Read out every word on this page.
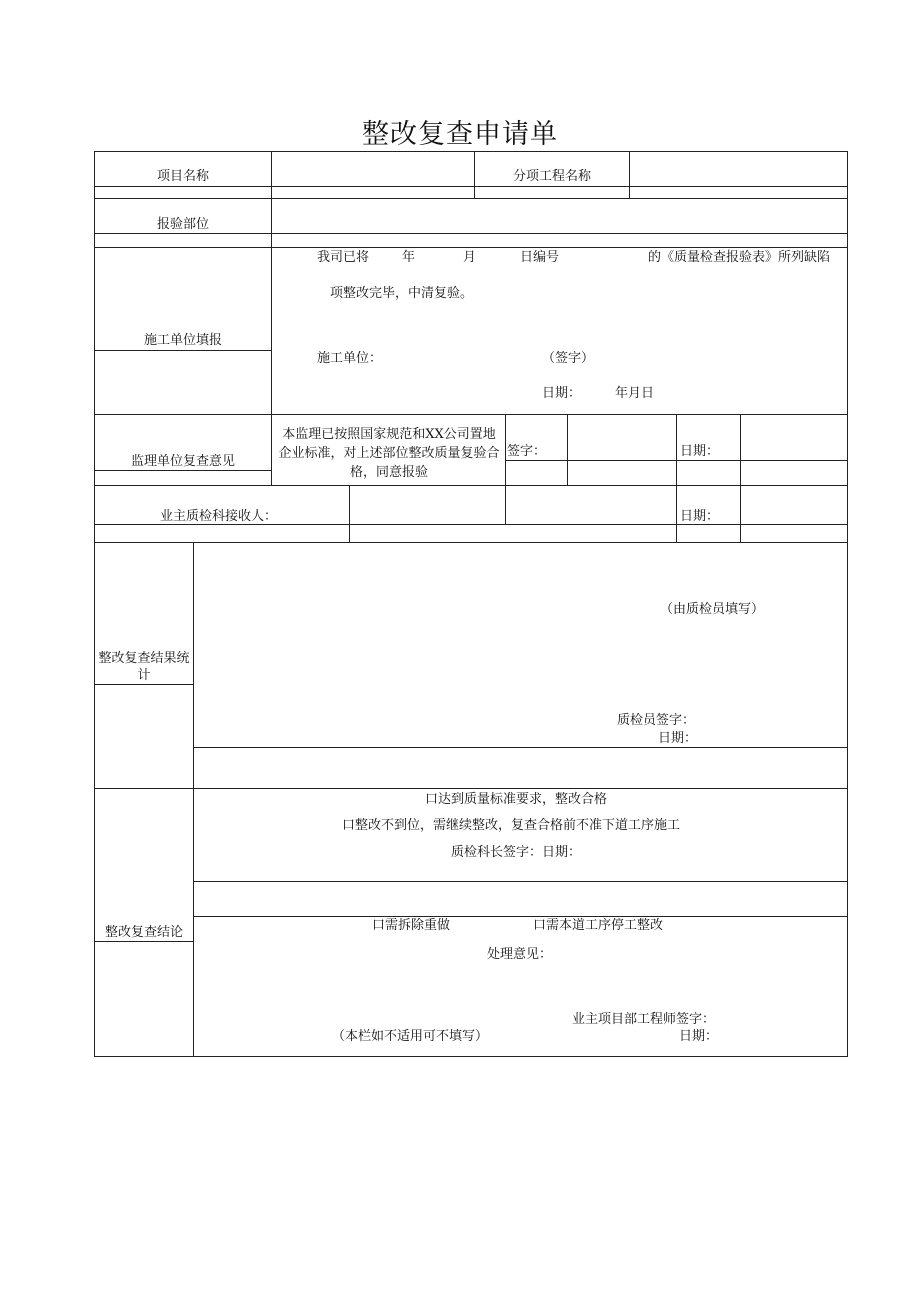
整改复查申请单
项目名称	分项工程名称
报验部位
施工单位填报
我司已将	年	月	日编号	的《质量检查报验表》所列缺陷
项整改完毕，中清复验。
施工单位：	（签字）
日期：	年月日
监理单位复查意见
本监理已按照国家规范和XX公司置地企业标准，对上述部位整改质量复验合格，同意报验
签字：	日期：
业主质检科接收人：	日期：
整改复查结果统计
（由质检员填写）
质检员签字：
日期：
整改复查结论
口达到质量标准要求，整改合格
口整改不到位，需继续整改，复查合格前不准下道工序施工
质检科长签字：日期：
口需拆除重做	口需本道工序停工整改
处理意见：
业主项目部工程师签字：
（本栏如不适用可不填写）	日期：
